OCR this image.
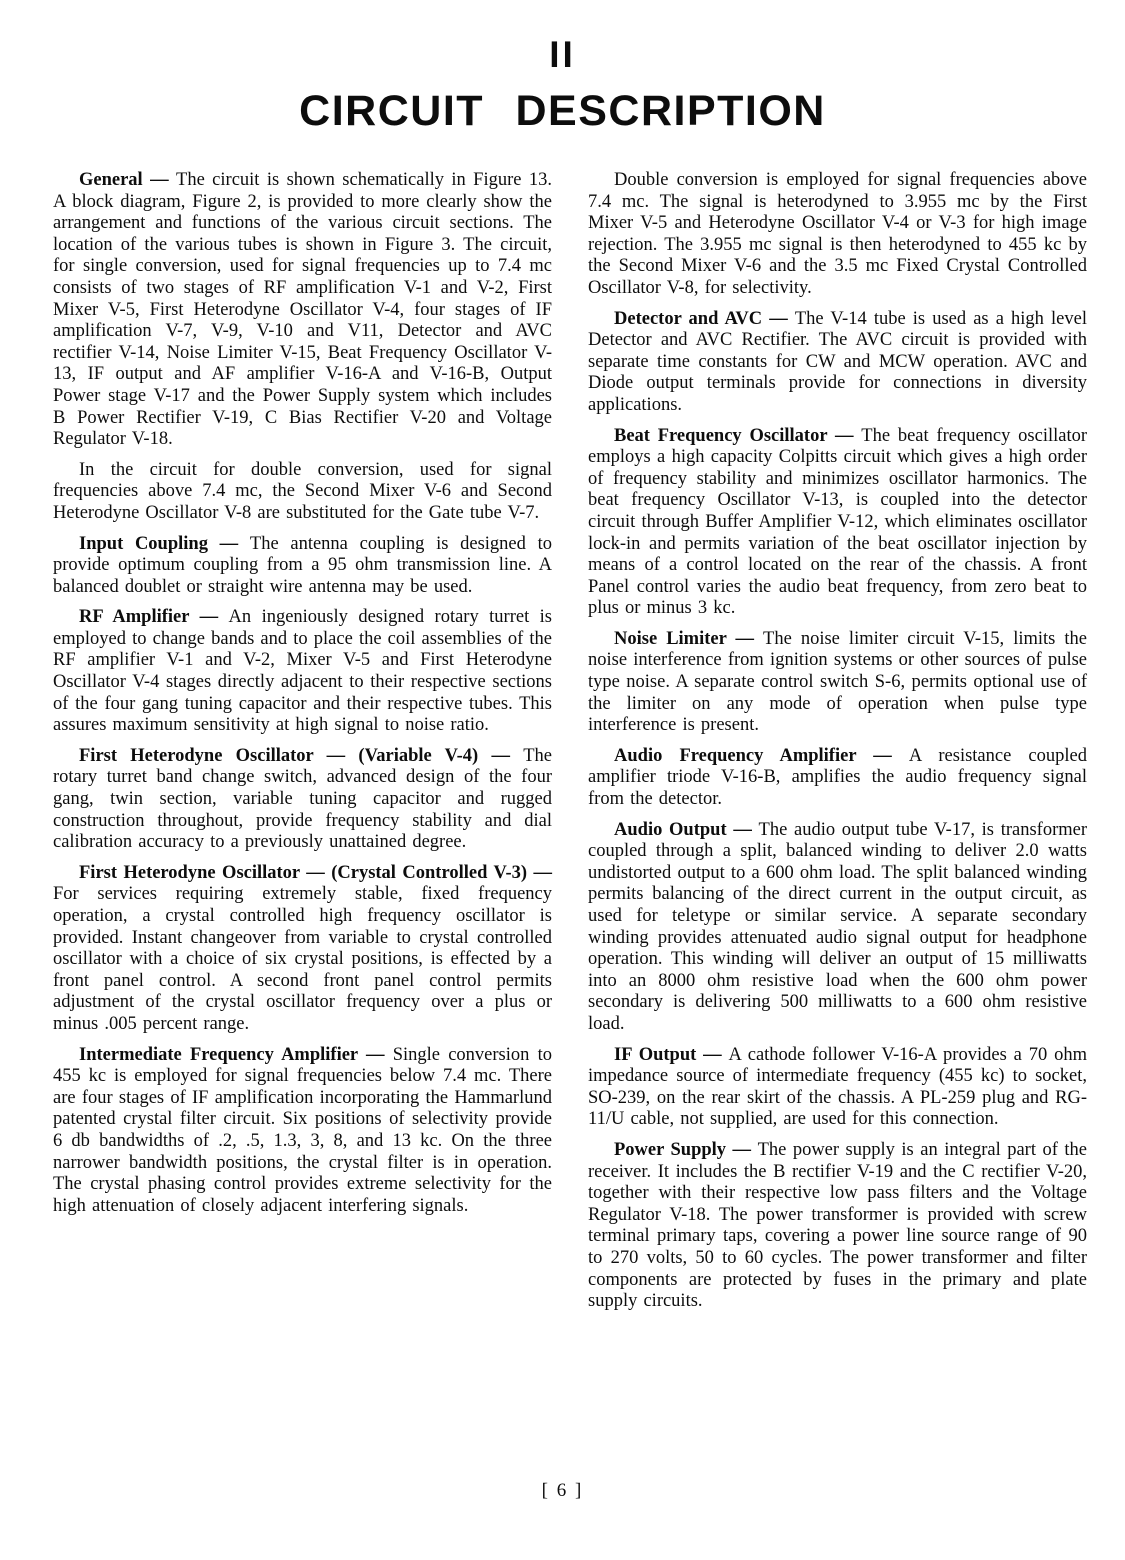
II
CIRCUIT DESCRIPTION

General — The circuit is shown schematically in Figure 13. A block diagram, Figure 2, is provided to more clearly show the arrangement and functions of the various circuit sections. The location of the various tubes is shown in Figure 3. The circuit, for single conversion, used for signal frequencies up to 7.4 mc consists of two stages of RF amplification V-1 and V-2, First Mixer V-5, First Heterodyne Oscillator V-4, four stages of IF amplification V-7, V-9, V-10 and V11, Detector and AVC rectifier V-14, Noise Limiter V-15, Beat Frequency Oscillator V-13, IF output and AF amplifier V-16-A and V-16-B, Output Power stage V-17 and the Power Supply system which includes B Power Rectifier V-19, C Bias Rectifier V-20 and Voltage Regulator V-18.

In the circuit for double conversion, used for signal frequencies above 7.4 mc, the Second Mixer V-6 and Second Heterodyne Oscillator V-8 are substituted for the Gate tube V-7.

Input Coupling — The antenna coupling is designed to provide optimum coupling from a 95 ohm transmission line. A balanced doublet or straight wire antenna may be used.

RF Amplifier — An ingeniously designed rotary turret is employed to change bands and to place the coil assemblies of the RF amplifier V-1 and V-2, Mixer V-5 and First Heterodyne Oscillator V-4 stages directly adjacent to their respective sections of the four gang tuning capacitor and their respective tubes. This assures maximum sensitivity at high signal to noise ratio.

First Heterodyne Oscillator — (Variable V-4) — The rotary turret band change switch, advanced design of the four gang, twin section, variable tuning capacitor and rugged construction throughout, provide frequency stability and dial calibration accuracy to a previously unattained degree.

First Heterodyne Oscillator — (Crystal Controlled V-3) — For services requiring extremely stable, fixed frequency operation, a crystal controlled high frequency oscillator is provided. Instant changeover from variable to crystal controlled oscillator with a choice of six crystal positions, is effected by a front panel control. A second front panel control permits adjustment of the crystal oscillator frequency over a plus or minus .005 percent range.

Intermediate Frequency Amplifier — Single conversion to 455 kc is employed for signal frequencies below 7.4 mc. There are four stages of IF amplification incorporating the Hammarlund patented crystal filter circuit. Six positions of selectivity provide 6 db bandwidths of .2, .5, 1.3, 3, 8, and 13 kc. On the three narrower bandwidth positions, the crystal filter is in operation. The crystal phasing control provides extreme selectivity for the high attenuation of closely adjacent interfering signals.

Double conversion is employed for signal frequencies above 7.4 mc. The signal is heterodyned to 3.955 mc by the First Mixer V-5 and Heterodyne Oscillator V-4 or V-3 for high image rejection. The 3.955 mc signal is then heterodyned to 455 kc by the Second Mixer V-6 and the 3.5 mc Fixed Crystal Controlled Oscillator V-8, for selectivity.

Detector and AVC — The V-14 tube is used as a high level Detector and AVC Rectifier. The AVC circuit is provided with separate time constants for CW and MCW operation. AVC and Diode output terminals provide for connections in diversity applications.

Beat Frequency Oscillator — The beat frequency oscillator employs a high capacity Colpitts circuit which gives a high order of frequency stability and minimizes oscillator harmonics. The beat frequency Oscillator V-13, is coupled into the detector circuit through Buffer Amplifier V-12, which eliminates oscillator lock-in and permits variation of the beat oscillator injection by means of a control located on the rear of the chassis. A front Panel control varies the audio beat frequency, from zero beat to plus or minus 3 kc.

Noise Limiter — The noise limiter circuit V-15, limits the noise interference from ignition systems or other sources of pulse type noise. A separate control switch S-6, permits optional use of the limiter on any mode of operation when pulse type interference is present.

Audio Frequency Amplifier — A resistance coupled amplifier triode V-16-B, amplifies the audio frequency signal from the detector.

Audio Output — The audio output tube V-17, is transformer coupled through a split, balanced winding to deliver 2.0 watts undistorted output to a 600 ohm load. The split balanced winding permits balancing of the direct current in the output circuit, as used for teletype or similar service. A separate secondary winding provides attenuated audio signal output for headphone operation. This winding will deliver an output of 15 milliwatts into an 8000 ohm resistive load when the 600 ohm power secondary is delivering 500 milliwatts to a 600 ohm resistive load.

IF Output — A cathode follower V-16-A provides a 70 ohm impedance source of intermediate frequency (455 kc) to socket, SO-239, on the rear skirt of the chassis. A PL-259 plug and RG-11/U cable, not supplied, are used for this connection.

Power Supply — The power supply is an integral part of the receiver. It includes the B rectifier V-19 and the C rectifier V-20, together with their respective low pass filters and the Voltage Regulator V-18. The power transformer is provided with screw terminal primary taps, covering a power line source range of 90 to 270 volts, 50 to 60 cycles. The power transformer and filter components are protected by fuses in the primary and plate supply circuits.

[ 6 ]
